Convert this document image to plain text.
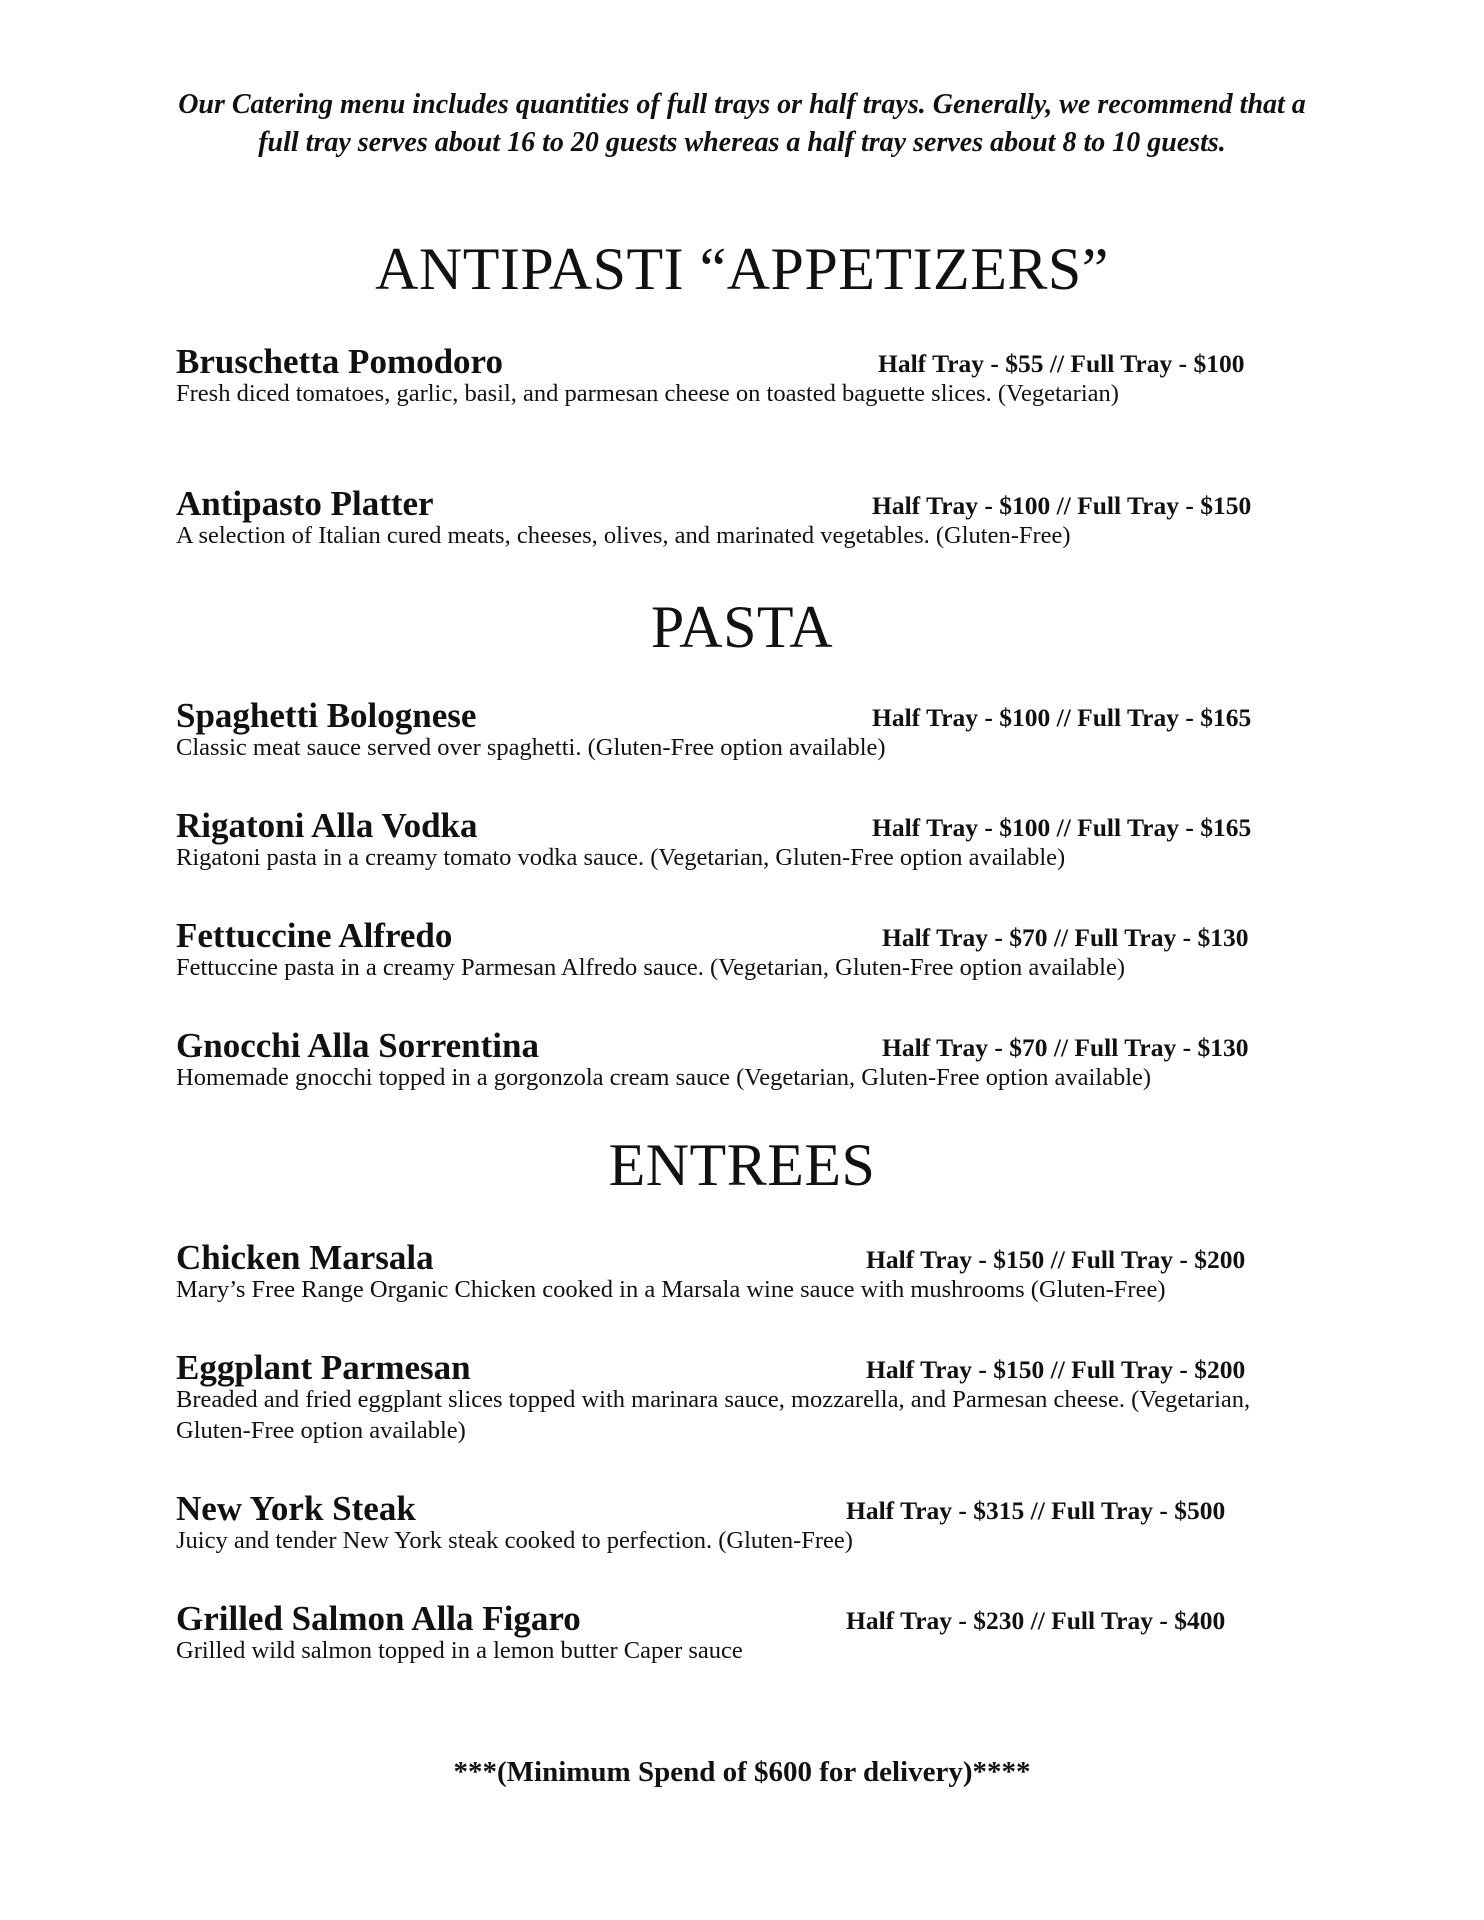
Our Catering menu includes quantities of full trays or half trays. Generally, we recommend that a full tray serves about 16 to 20 guests whereas a half tray serves about 8 to 10 guests.
ANTIPASTI “APPETIZERS”
Bruschetta Pomodoro	Half Tray - $55 // Full Tray - $100
Fresh diced tomatoes, garlic, basil, and parmesan cheese on toasted baguette slices. (Vegetarian)
Antipasto Platter	Half Tray - $100 // Full Tray - $150
A selection of Italian cured meats, cheeses, olives, and marinated vegetables. (Gluten-Free)
PASTA
Spaghetti Bolognese	Half Tray - $100 // Full Tray - $165
Classic meat sauce served over spaghetti. (Gluten-Free option available)
Rigatoni Alla Vodka	Half Tray - $100 // Full Tray - $165
Rigatoni pasta in a creamy tomato vodka sauce. (Vegetarian, Gluten-Free option available)
Fettuccine Alfredo	Half Tray - $70 // Full Tray - $130
Fettuccine pasta in a creamy Parmesan Alfredo sauce. (Vegetarian, Gluten-Free option available)
Gnocchi Alla Sorrentina	Half Tray - $70 // Full Tray - $130
Homemade gnocchi topped in a gorgonzola cream sauce (Vegetarian, Gluten-Free option available)
ENTREES
Chicken Marsala	Half Tray - $150 // Full Tray - $200
Mary’s Free Range Organic Chicken cooked in a Marsala wine sauce with mushrooms (Gluten-Free)
Eggplant Parmesan	Half Tray - $150 // Full Tray - $200
Breaded and fried eggplant slices topped with marinara sauce, mozzarella, and Parmesan cheese. (Vegetarian, Gluten-Free option available)
New York Steak	Half Tray - $315 // Full Tray - $500
Juicy and tender New York steak cooked to perfection. (Gluten-Free)
Grilled Salmon Alla Figaro	Half Tray - $230 // Full Tray - $400
Grilled wild salmon topped in a lemon butter Caper sauce
***(Minimum Spend of $600 for delivery)****
